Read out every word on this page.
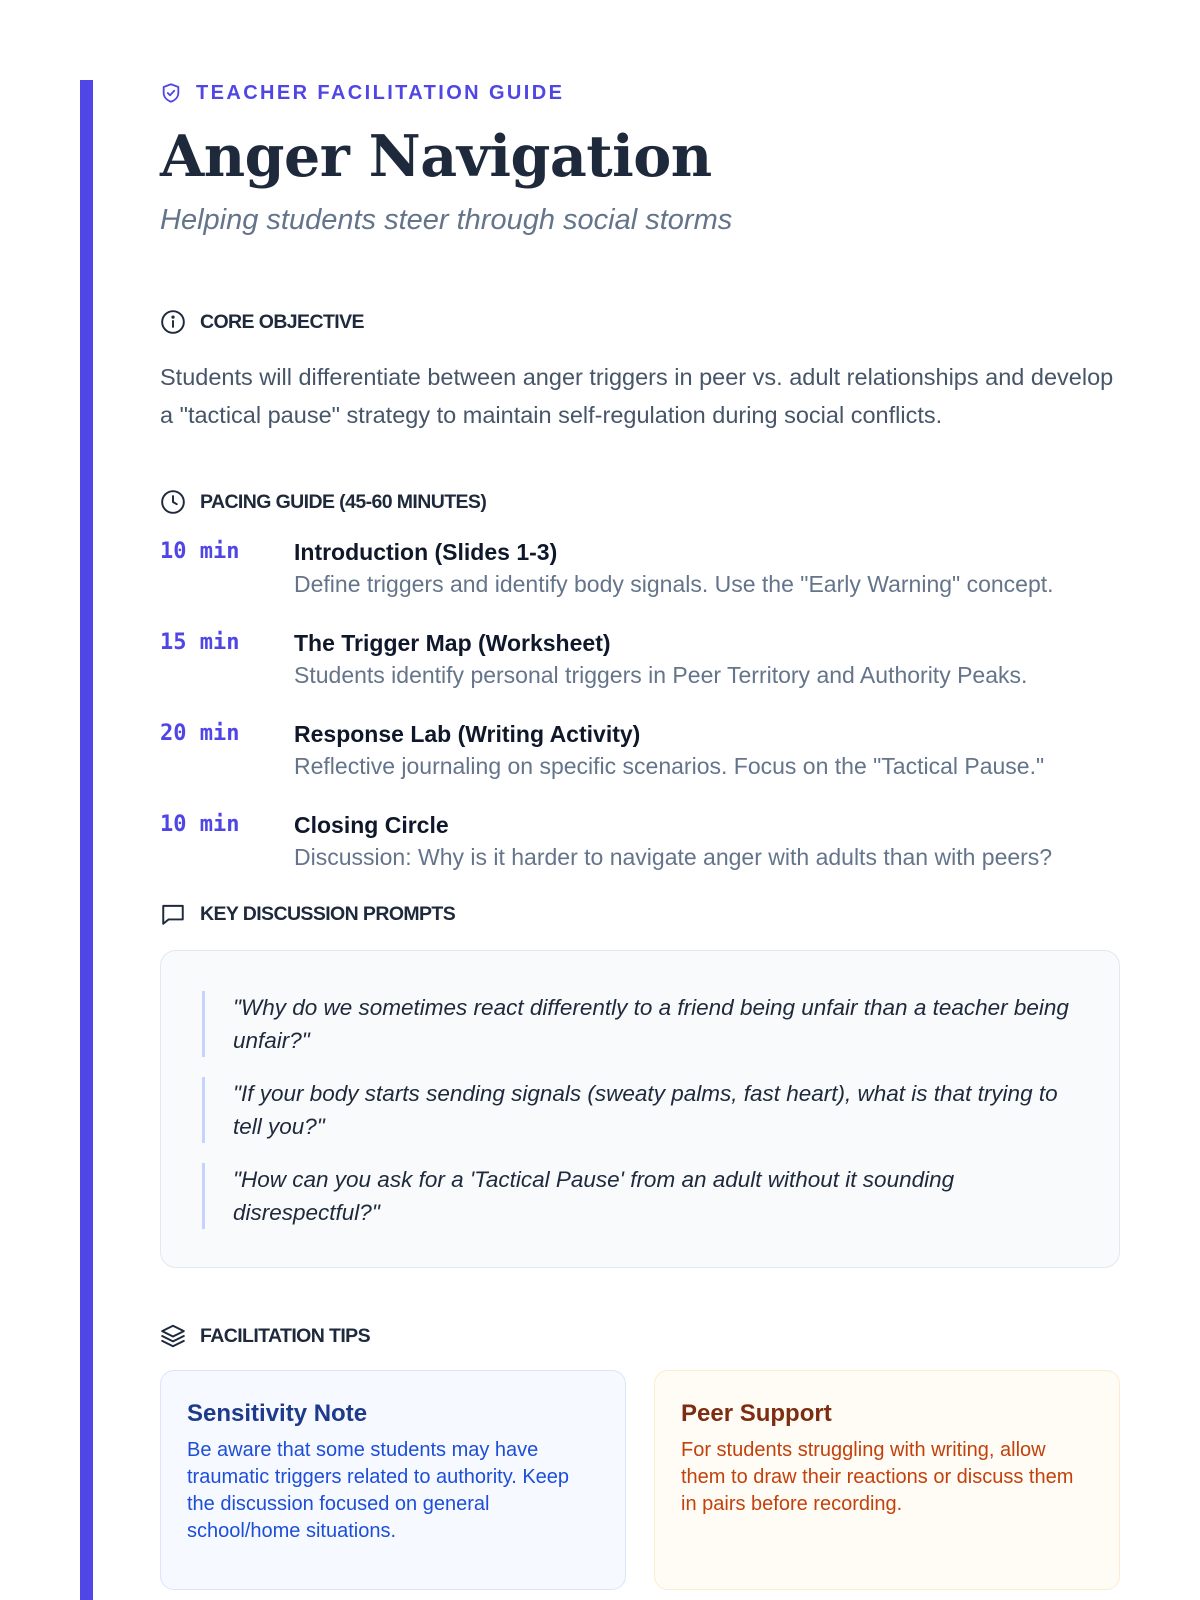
TEACHER FACILITATION GUIDE
Anger Navigation

Helping students steer through social storms

CORE OBJECTIVE

Students will differentiate between anger triggers in peer vs. adult relationships and develop a "tactical pause" strategy to maintain self-regulation during social conflicts.

PACING GUIDE (45-60 MINUTES)
10 min	Introduction (Slides 1-3)
Define triggers and identify body signals. Use the "Early Warning" concept.
15 min	The Trigger Map (Worksheet)
Students identify personal triggers in Peer Territory and Authority Peaks.
20 min	Response Lab (Writing Activity)
Reflective journaling on specific scenarios. Focus on the "Tactical Pause."
10 min	Closing Circle
Discussion: Why is it harder to navigate anger with adults than with peers?
KEY DISCUSSION PROMPTS

"Why do we sometimes react differently to a friend being unfair than a teacher being unfair?"

"If your body starts sending signals (sweaty palms, fast heart), what is that trying to tell you?"

"How can you ask for a 'Tactical Pause' from an adult without it sounding disrespectful?"

FACILITATION TIPS
Sensitivity Note
Be aware that some students may have traumatic triggers related to authority. Keep the discussion focused on general school/home situations.
Peer Support
For students struggling with writing, allow them to draw their reactions or discuss them in pairs before recording.
